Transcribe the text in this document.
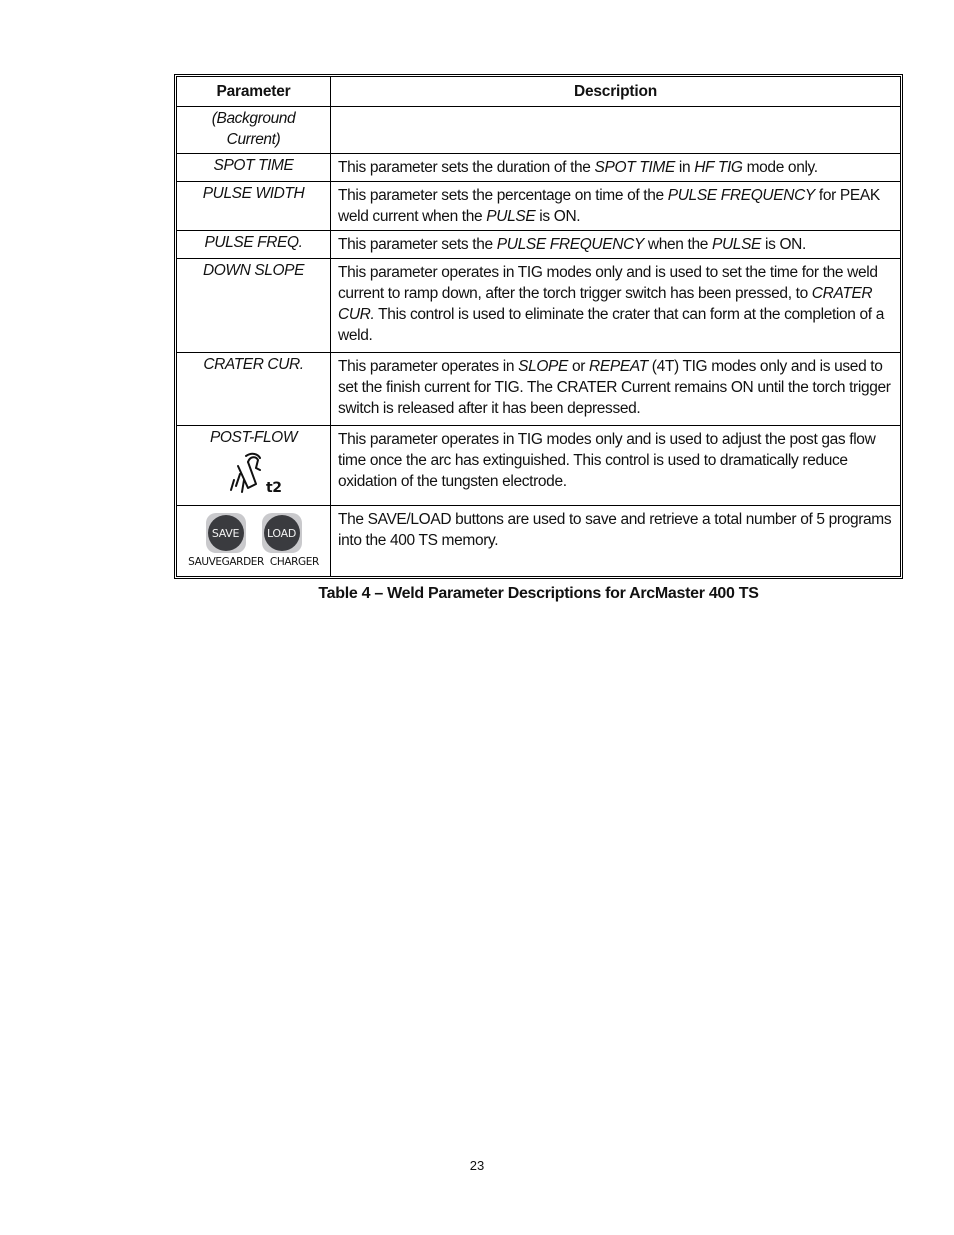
Parameter	Description
(Background Current)	
SPOT TIME	This parameter sets the duration of the SPOT TIME in HF TIG mode only.

PULSE WIDTH	This parameter sets the percentage on time of the PULSE FREQUENCY for PEAK weld current when the PULSE is ON.

PULSE FREQ.	This parameter sets the PULSE FREQUENCY when the PULSE is ON.

DOWN SLOPE	This parameter operates in TIG modes only and is used to set the time for the weld current to ramp down, after the torch trigger switch has been pressed, to CRATER CUR. This control is used to eliminate the crater that can form at the completion of a weld.

CRATER CUR.	This parameter operates in SLOPE or REPEAT (4T) TIG modes only and is used to set the finish current for TIG. The CRATER Current remains ON until the torch trigger switch is released after it has been depressed.

POST-FLOW
t2	This parameter operates in TIG modes only and is used to adjust the post gas flow time once the arc has extinguished. This control is used to dramatically reduce oxidation of the tungsten electrode.

SAVE LOAD
SAUVEGARDER CHARGER	The SAVE/LOAD buttons are used to save and retrieve a total number of 5 programs into the 400 TS memory.
Table 4 – Weld Parameter Descriptions for ArcMaster 400 TS
23
